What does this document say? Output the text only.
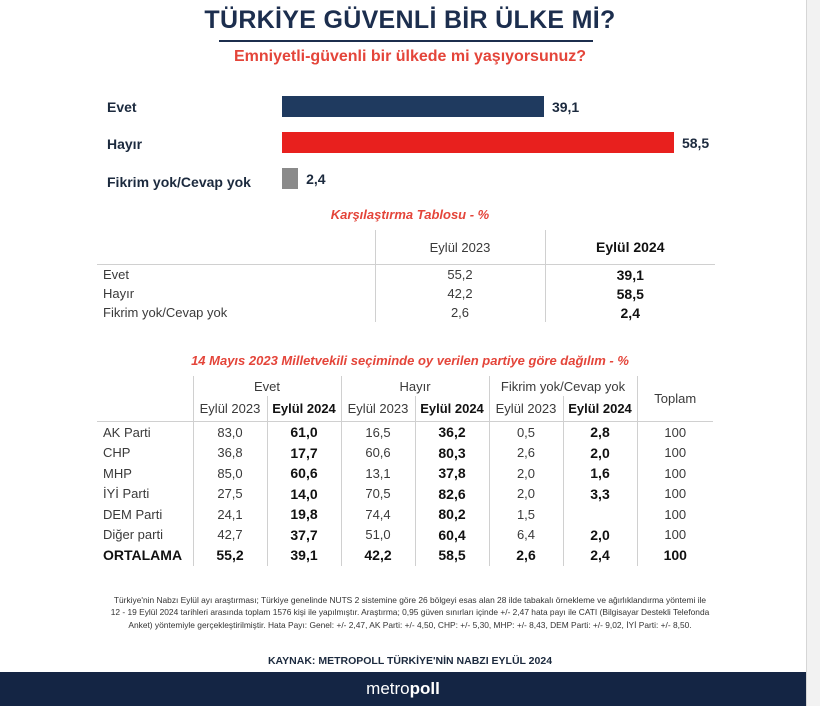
TÜRKİYE GÜVENLİ BİR ÜLKE Mİ?
Emniyetli-güvenli bir ülkede mi yaşıyorsunuz?
Evet
Hayır
Fikrim yok/Cevap yok
39,1
58,5
2,4
Karşılaştırma Tablosu - %
	Eylül 2023	Eylül 2024
Evet	55,2	39,1
Hayır	42,2	58,5
Fikrim yok/Cevap yok	2,6	2,4
14 Mayıs 2023 Milletvekili seçiminde oy verilen partiye göre dağılım - %
	Evet		Hayır		Fikrim yok/Cevap yok		Toplam
	Eylül 2023	Eylül 2024	Eylül 2023	Eylül 2024	Eylül 2023	Eylül 2024	
AK Parti	83,0	61,0	16,5	36,2	0,5	2,8	100
CHP	36,8	17,7	60,6	80,3	2,6	2,0	100
MHP	85,0	60,6	13,1	37,8	2,0	1,6	100
İYİ Parti	27,5	14,0	70,5	82,6	2,0	3,3	100
DEM Parti	24,1	19,8	74,4	80,2	1,5		100
Diğer parti	42,7	37,7	51,0	60,4	6,4	2,0	100
ORTALAMA	55,2	39,1	42,2	58,5	2,6	2,4	100
Türkiye'nin Nabzı Eylül ayı araştırması; Türkiye genelinde NUTS 2 sistemine göre 26 bölgeyi esas alan 28 ilde tabakalı örnekleme ve ağırlıklandırma yöntemi ile 12 - 19 Eylül 2024 tarihleri arasında toplam 1576 kişi ile yapılmıştır. Araştırma; 0,95 güven sınırları içinde +/- 2,47 hata payı ile CATI (Bilgisayar Destekli Telefonda Anket) yöntemiyle gerçekleştirilmiştir. Hata Payı: Genel: +/- 2,47, AK Parti: +/- 4,50, CHP: +/- 5,30, MHP: +/- 8,43, DEM Parti: +/- 9,02, İYİ Parti: +/- 8,50.
KAYNAK: METROPOLL TÜRKİYE'NİN NABZI EYLÜL 2024
metropoll
